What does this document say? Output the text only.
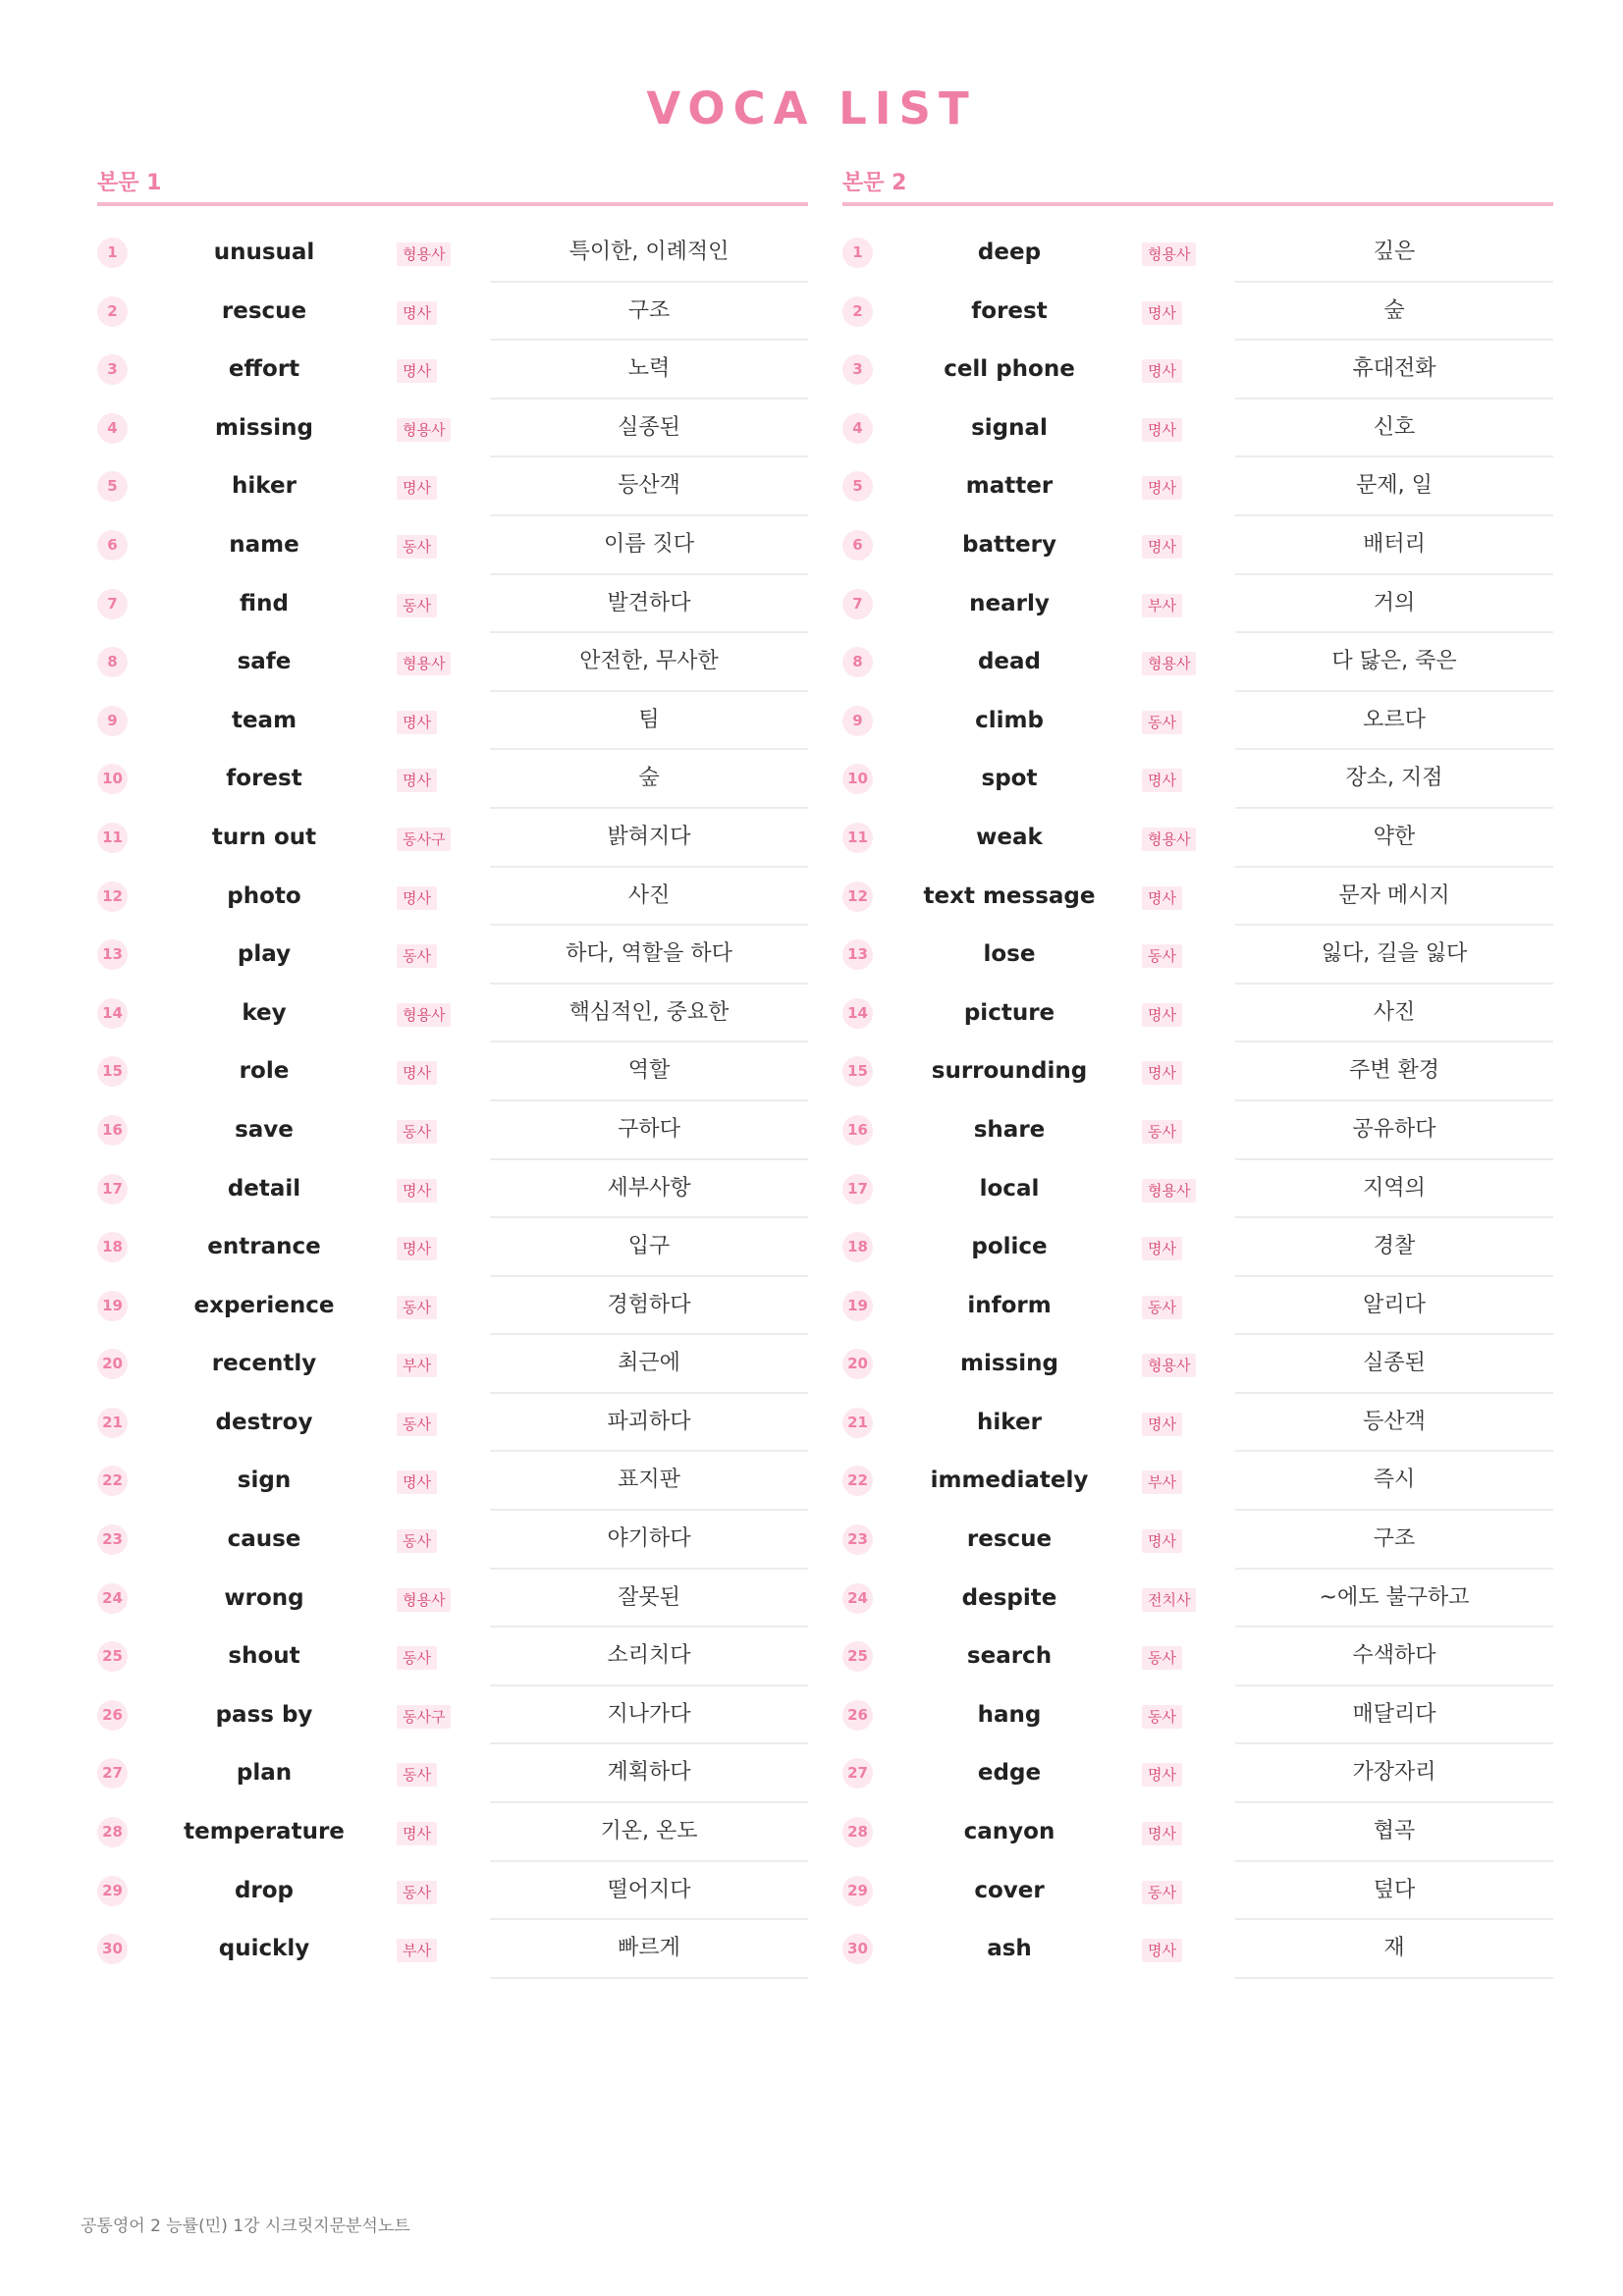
VOCA LIST
본문 1
1	unusual	형용사	특이한, 이례적인
2	rescue	명사	구조
3	effort	명사	노력
4	missing	형용사	실종된
5	hiker	명사	등산객
6	name	동사	이름 짓다
7	find	동사	발견하다
8	safe	형용사	안전한, 무사한
9	team	명사	팀
10	forest	명사	숲
11	turn out	동사구	밝혀지다
12	photo	명사	사진
13	play	동사	하다, 역할을 하다
14	key	형용사	핵심적인, 중요한
15	role	명사	역할
16	save	동사	구하다
17	detail	명사	세부사항
18	entrance	명사	입구
19	experience	동사	경험하다
20	recently	부사	최근에
21	destroy	동사	파괴하다
22	sign	명사	표지판
23	cause	동사	야기하다
24	wrong	형용사	잘못된
25	shout	동사	소리치다
26	pass by	동사구	지나가다
27	plan	동사	계획하다
28	temperature	명사	기온, 온도
29	drop	동사	떨어지다
30	quickly	부사	빠르게
본문 2
1	deep	형용사	깊은
2	forest	명사	숲
3	cell phone	명사	휴대전화
4	signal	명사	신호
5	matter	명사	문제, 일
6	battery	명사	배터리
7	nearly	부사	거의
8	dead	형용사	다 닳은, 죽은
9	climb	동사	오르다
10	spot	명사	장소, 지점
11	weak	형용사	약한
12	text message	명사	문자 메시지
13	lose	동사	잃다, 길을 잃다
14	picture	명사	사진
15	surrounding	명사	주변 환경
16	share	동사	공유하다
17	local	형용사	지역의
18	police	명사	경찰
19	inform	동사	알리다
20	missing	형용사	실종된
21	hiker	명사	등산객
22	immediately	부사	즉시
23	rescue	명사	구조
24	despite	전치사	~에도 불구하고
25	search	동사	수색하다
26	hang	동사	매달리다
27	edge	명사	가장자리
28	canyon	명사	협곡
29	cover	동사	덮다
30	ash	명사	재
공통영어 2 능률(민) 1강 시크릿지문분석노트
